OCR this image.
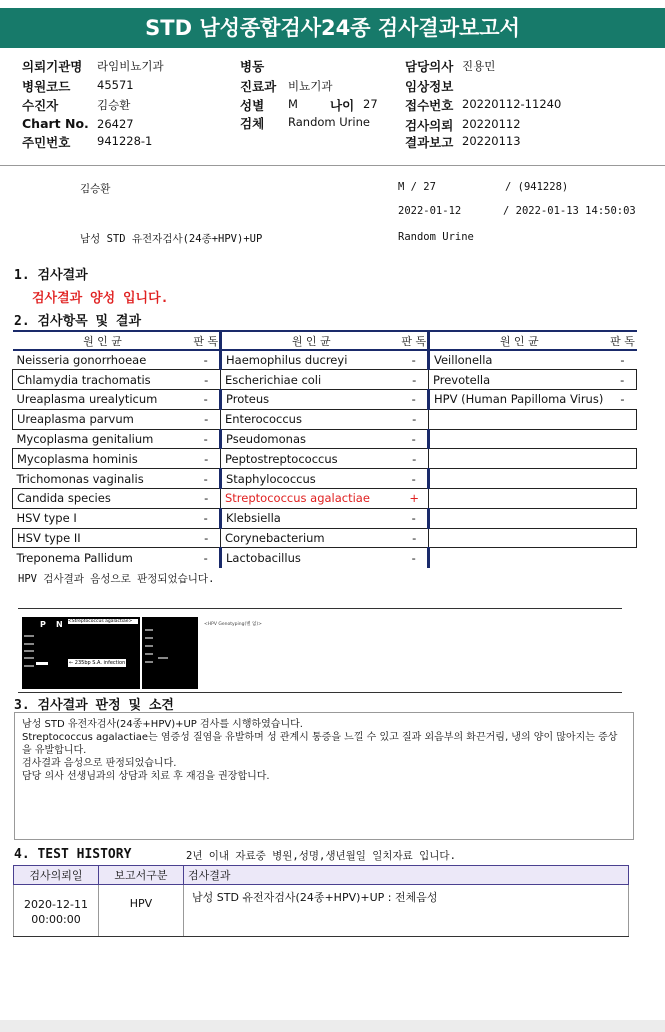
STD 남성종합검사24종 검사결과보고서
의뢰기관명 라임비뇨기과
병원코드 45571
수진자	김승환
Chart No. 26427
주민번호 941228-1
병동
진료과 비뇨기과
성별 M	나이 27
검체 Random Urine
담당의사 진용민
임상정보
접수번호 20220112-11240
검사의뢰 20220112
결과보고 20220113
김승환	M / 27	/ (941228)
2022-01-12	/ 2022-01-13 14:50:03
남성 STD 유전자검사(24종+HPV)+UP	Random Urine
1. 검사결과
검사결과 양성 입니다.
2. 검사항목 및 결과
원 인 균	판 독	원 인 균	판 독	원 인 균	판 독
Neisseria gonorrhoeae	-	Haemophilus ducreyi	-	Veillonella	-
Chlamydia trachomatis	-	Escherichiae coli	-	Prevotella	-
Ureaplasma urealyticum	-	Proteus	-	HPV (Human Papilloma Virus)	-
Ureaplasma parvum	-	Enterococcus	-		
Mycoplasma genitalium	-	Pseudomonas	-		
Mycoplasma hominis	-	Peptostreptococcus	-		
Trichomonas vaginalis	-	Staphylococcus	-		
Candida species	-	Streptococcus agalactiae	+		
HSV type I	-	Klebsiella	-		
HSV type II	-	Corynebacterium	-		
Treponema Pallidum	-	Lactobacillus	-		
HPV 검사결과 음성으로 판정되었습니다.
P N <Streptococcus agalactiae>
← 235bp S.A. infection
<HPV Genotyping(별 없)>
3. 검사결과 판정 및 소견
남성 STD 유전자검사(24종+HPV)+UP 검사를 시행하였습니다.
Streptococcus agalactiae는 염증성 질염을 유발하며 성 관계시 통증을 느낄 수 있고 질과 외음부의 화끈거림, 냉의 양이 많아지는 증상을 유발합니다.
검사결과 음성으로 판정되었습니다.
담당 의사 선생님과의 상담과 치료 후 재검을 권장합니다.
4. TEST HISTORY	2년 이내 자료중 병원,성명,생년월일 일치자료 입니다.
검사의뢰일	보고서구분	검사결과

2020-12-11
00:00:00	HPV	남성 STD 유전자검사(24종+HPV)+UP : 전체음성
